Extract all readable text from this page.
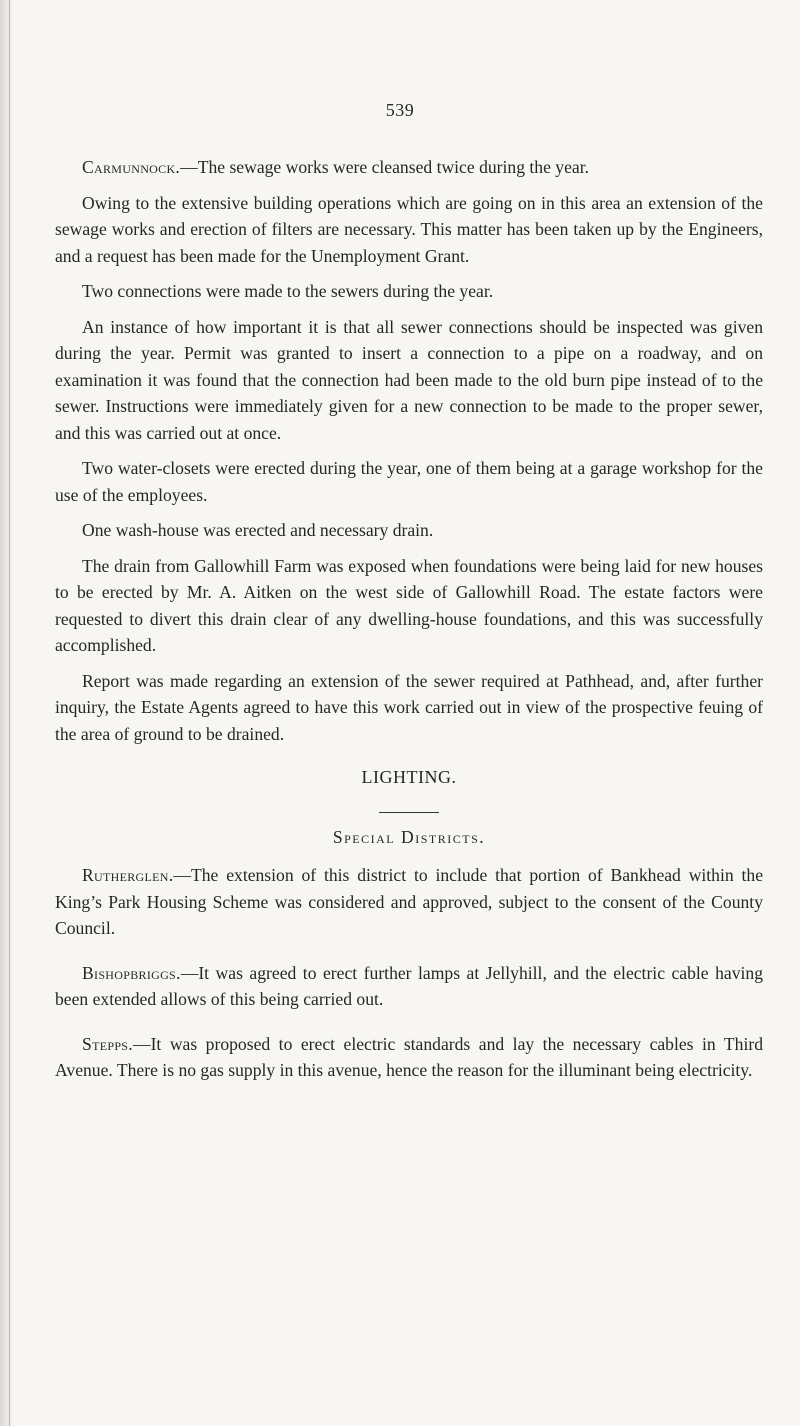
539

Carmunnock.—The sewage works were cleansed twice during the year.

Owing to the extensive building operations which are going on in this area an extension of the sewage works and erection of filters are necessary. This matter has been taken up by the Engineers, and a request has been made for the Unemployment Grant.

Two connections were made to the sewers during the year.

An instance of how important it is that all sewer connections should be inspected was given during the year. Permit was granted to insert a connection to a pipe on a roadway, and on examination it was found that the connection had been made to the old burn pipe instead of to the sewer. Instructions were immediately given for a new connection to be made to the proper sewer, and this was carried out at once.

Two water-closets were erected during the year, one of them being at a garage workshop for the use of the employees.

One wash-house was erected and necessary drain.

The drain from Gallowhill Farm was exposed when foundations were being laid for new houses to be erected by Mr. A. Aitken on the west side of Gallowhill Road. The estate factors were requested to divert this drain clear of any dwelling-house foundations, and this was successfully accomplished.

Report was made regarding an extension of the sewer required at Pathhead, and, after further inquiry, the Estate Agents agreed to have this work carried out in view of the prospective feuing of the area of ground to be drained.

LIGHTING.
Special Districts.

Rutherglen.—The extension of this district to include that portion of Bankhead within the King’s Park Housing Scheme was considered and approved, subject to the consent of the County Council.

Bishopbriggs.—It was agreed to erect further lamps at Jellyhill, and the electric cable having been extended allows of this being carried out.

Stepps.—It was proposed to erect electric standards and lay the necessary cables in Third Avenue. There is no gas supply in this avenue, hence the reason for the illuminant being electricity.
